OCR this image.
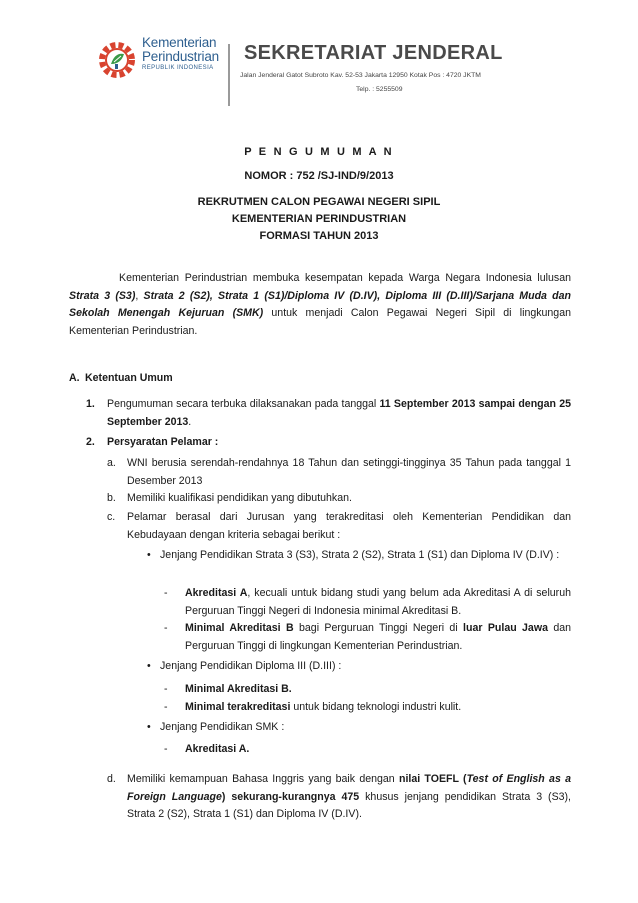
Kementerian
Perindustrian
REPUBLIK INDONESIA
SEKRETARIAT JENDERAL
Jalan Jenderal Gatot Subroto Kav. 52-53 Jakarta 12950 Kotak Pos : 4720 JKTM
Telp. : 5255509
P E N G U M U M A N
NOMOR : 752 /SJ-IND/9/2013
REKRUTMEN CALON PEGAWAI NEGERI SIPIL
KEMENTERIAN PERINDUSTRIAN
FORMASI TAHUN 2013
Kementerian Perindustrian membuka kesempatan kepada Warga Negara Indonesia lulusan Strata 3 (S3), Strata 2 (S2), Strata 1 (S1)/Diploma IV (D.IV), Diploma III (D.III)/Sarjana Muda dan Sekolah Menengah Kejuruan (SMK) untuk menjadi Calon Pegawai Negeri Sipil di lingkungan Kementerian Perindustrian.
A. Ketentuan Umum
1. Pengumuman secara terbuka dilaksanakan pada tanggal 11 September 2013 sampai dengan 25 September 2013.
2. Persyaratan Pelamar :
a. WNI berusia serendah-rendahnya 18 Tahun dan setinggi-tingginya 35 Tahun pada tanggal 1 Desember 2013
b. Memiliki kualifikasi pendidikan yang dibutuhkan.
c. Pelamar berasal dari Jurusan yang terakreditasi oleh Kementerian Pendidikan dan Kebudayaan dengan kriteria sebagai berikut :
• Jenjang Pendidikan Strata 3 (S3), Strata 2 (S2), Strata 1 (S1) dan Diploma IV (D.IV) :
- Akreditasi A, kecuali untuk bidang studi yang belum ada Akreditasi A di seluruh Perguruan Tinggi Negeri di Indonesia minimal Akreditasi B.
- Minimal Akreditasi B bagi Perguruan Tinggi Negeri di luar Pulau Jawa dan Perguruan Tinggi di lingkungan Kementerian Perindustrian.
• Jenjang Pendidikan Diploma III (D.III) :
- Minimal Akreditasi B.
- Minimal terakreditasi untuk bidang teknologi industri kulit.
• Jenjang Pendidikan SMK :
- Akreditasi A.
d. Memiliki kemampuan Bahasa Inggris yang baik dengan nilai TOEFL (Test of English as a Foreign Language) sekurang-kurangnya 475 khusus jenjang pendidikan Strata 3 (S3), Strata 2 (S2), Strata 1 (S1) dan Diploma IV (D.IV).
